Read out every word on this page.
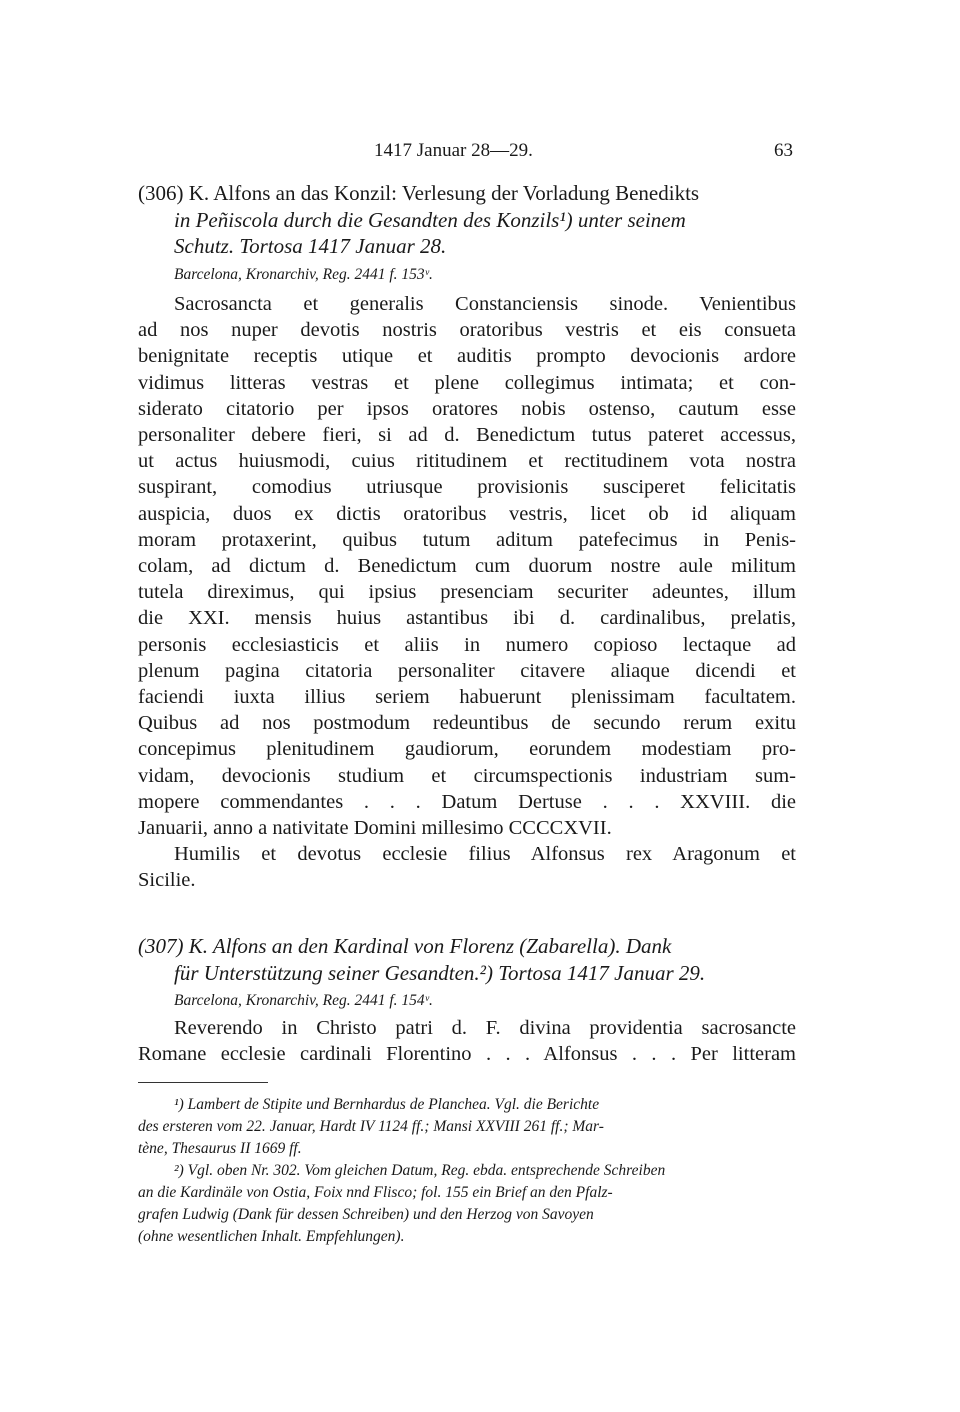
1417 Januar 28—29.	63
(306) K. Alfons an das Konzil: Verlesung der Vorladung Benedikts
in Peñiscola durch die Gesandten des Konzils¹) unter seinem
Schutz. Tortosa 1417 Januar 28.
Barcelona, Kronarchiv, Reg. 2441 f. 153ᵛ.
Sacrosancta et generalis Constanciensis sinode. Venientibus
ad nos nuper devotis nostris oratoribus vestris et eis consueta
benignitate receptis utique et auditis prompto devocionis ardore
vidimus litteras vestras et plene collegimus intimata; et con-
siderato citatorio per ipsos oratores nobis ostenso, cautum esse
personaliter debere fieri, si ad d. Benedictum tutus pateret accessus,
ut actus huiusmodi, cuius rititudinem et rectitudinem vota nostra
suspirant, comodius utriusque provisionis susciperet felicitatis
auspicia, duos ex dictis oratoribus vestris, licet ob id aliquam
moram protaxerint, quibus tutum aditum patefecimus in Penis-
colam, ad dictum d. Benedictum cum duorum nostre aule militum
tutela direximus, qui ipsius presenciam securiter adeuntes, illum
die XXI. mensis huius astantibus ibi d. cardinalibus, prelatis,
personis ecclesiasticis et aliis in numero copioso lectaque ad
plenum pagina citatoria personaliter citavere aliaque dicendi et
faciendi iuxta illius seriem habuerunt plenissimam facultatem.
Quibus ad nos postmodum redeuntibus de secundo rerum exitu
concepimus plenitudinem gaudiorum, eorundem modestiam pro-
vidam, devocionis studium et circumspectionis industriam sum-
mopere commendantes . . . Datum Dertuse . . . XXVIII. die
Januarii, anno a nativitate Domini millesimo CCCCXVII.
Humilis et devotus ecclesie filius Alfonsus rex Aragonum et
Sicilie.
(307) K. Alfons an den Kardinal von Florenz (Zabarella). Dank
für Unterstützung seiner Gesandten.²) Tortosa 1417 Januar 29.
Barcelona, Kronarchiv, Reg. 2441 f. 154ᵛ.
Reverendo in Christo patri d. F. divina providentia sacrosancte
Romane ecclesie cardinali Florentino . . . Alfonsus . . . Per litteram
¹) Lambert de Stipite und Bernhardus de Planchea. Vgl. die Berichte
des ersteren vom 22. Januar, Hardt IV 1124 ff.; Mansi XXVIII 261 ff.; Mar-
tène, Thesaurus II 1669 ff.
²) Vgl. oben Nr. 302. Vom gleichen Datum, Reg. ebda. entsprechende Schreiben
an die Kardinäle von Ostia, Foix nnd Flisco; fol. 155 ein Brief an den Pfalz-
grafen Ludwig (Dank für dessen Schreiben) und den Herzog von Savoyen
(ohne wesentlichen Inhalt. Empfehlungen).
